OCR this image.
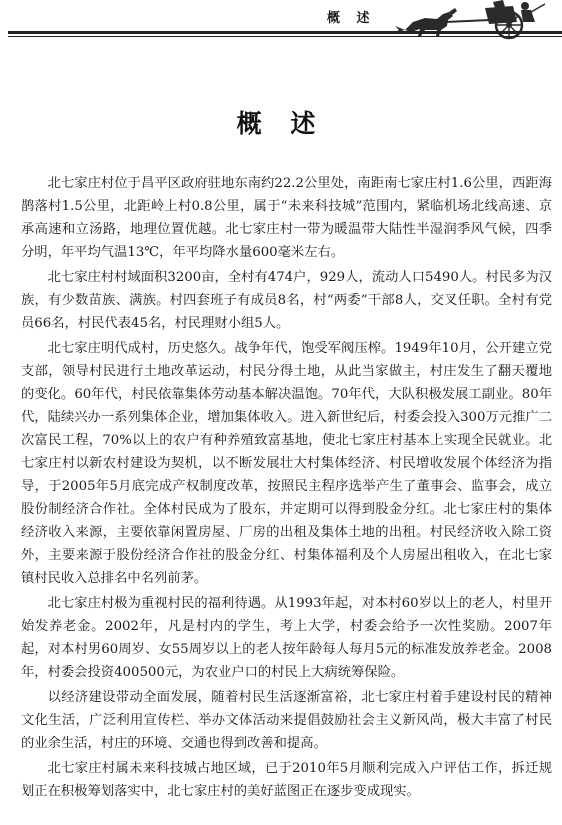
概 述
概 述

北七家庄村位于昌平区政府驻地东南约22.2公里处，南距南七家庄村1.6公里，西距海鹊落村1.5公里，北距岭上村0.8公里，属于“未来科技城”范围内，紧临机场北线高速、京承高速和立汤路，地理位置优越。北七家庄村一带为暖温带大陆性半湿润季风气候，四季分明，年平均气温13℃，年平均降水量600毫米左右。

北七家庄村村域面积3200亩，全村有474户，929人，流动人口5490人。村民多为汉族，有少数苗族、满族。村四套班子有成员8名，村“两委”干部8人，交叉任职。全村有党员66名，村民代表45名，村民理财小组5人。

北七家庄明代成村，历史悠久。战争年代，饱受军阀压榨。1949年10月，公开建立党支部，领导村民进行土地改革运动，村民分得土地，从此当家做主，村庄发生了翻天覆地的变化。60年代，村民依靠集体劳动基本解决温饱。70年代，大队积极发展工副业。80年代，陆续兴办一系列集体企业，增加集体收入。进入新世纪后，村委会投入300万元推广二次富民工程，70%以上的农户有种养殖致富基地，使北七家庄村基本上实现全民就业。北七家庄村以新农村建设为契机，以不断发展壮大村集体经济、村民增收发展个体经济为指导，于2005年5月底完成产权制度改革，按照民主程序选举产生了董事会、监事会，成立股份制经济合作社。全体村民成为了股东，并定期可以得到股金分红。北七家庄村的集体经济收入来源，主要依靠闲置房屋、厂房的出租及集体土地的出租。村民经济收入除工资外，主要来源于股份经济合作社的股金分红、村集体福利及个人房屋出租收入，在北七家镇村民收入总排名中名列前茅。

北七家庄村极为重视村民的福利待遇。从1993年起，对本村60岁以上的老人，村里开始发养老金。2002年，凡是村内的学生，考上大学，村委会给予一次性奖励。2007年起，对本村男60周岁、女55周岁以上的老人按年龄每人每月5元的标准发放养老金。2008年，村委会投资400500元，为农业户口的村民上大病统筹保险。

以经济建设带动全面发展，随着村民生活逐渐富裕，北七家庄村着手建设村民的精神文化生活，广泛利用宣传栏、举办文体活动来提倡鼓励社会主义新风尚，极大丰富了村民的业余生活，村庄的环境、交通也得到改善和提高。

北七家庄村属未来科技城占地区域，已于2010年5月顺利完成入户评估工作，拆迁规划正在积极筹划落实中，北七家庄村的美好蓝图正在逐步变成现实。
